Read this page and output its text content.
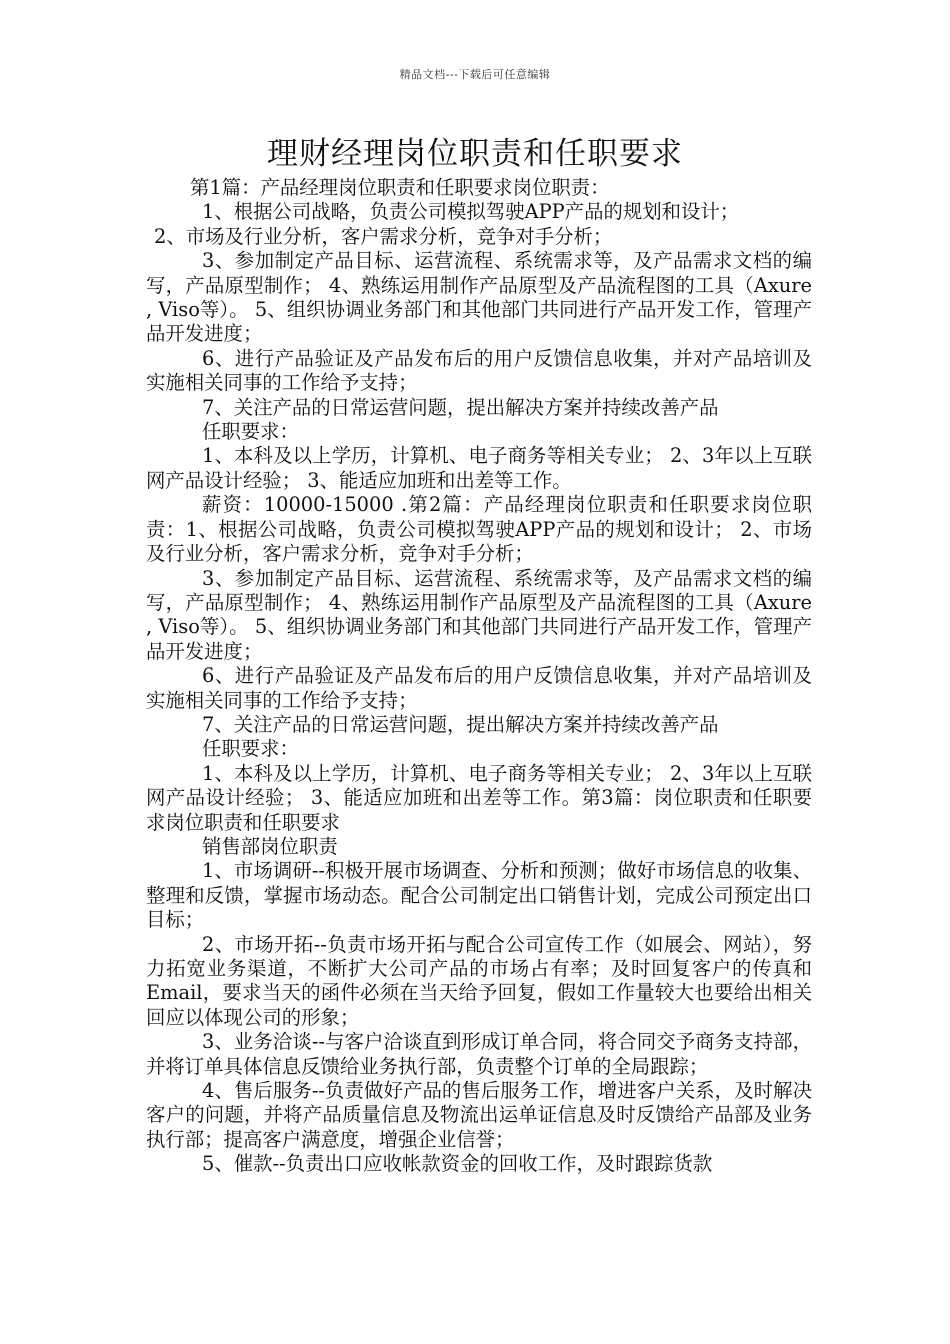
精品文档---下载后可任意编辑
理财经理岗位职责和任职要求

第1篇：产品经理岗位职责和任职要求岗位职责：

1、根据公司战略，负责公司模拟驾驶APP产品的规划和设计；

2、市场及行业分析，客户需求分析，竞争对手分析；

3、参加制定产品目标、运营流程、系统需求等，及产品需求文档的编写，产品原型制作； 4、熟练运用制作产品原型及产品流程图的工具（Axure , Viso等）。 5、组织协调业务部门和其他部门共同进行产品开发工作，管理产品开发进度；

6、进行产品验证及产品发布后的用户反馈信息收集，并对产品培训及实施相关同事的工作给予支持；

7、关注产品的日常运营问题，提出解决方案并持续改善产品

任职要求：

1、本科及以上学历，计算机、电子商务等相关专业； 2、3年以上互联网产品设计经验； 3、能适应加班和出差等工作。

薪资：10000-15000 .第2篇：产品经理岗位职责和任职要求岗位职责：1、根据公司战略，负责公司模拟驾驶APP产品的规划和设计； 2、市场及行业分析，客户需求分析，竞争对手分析；

3、参加制定产品目标、运营流程、系统需求等，及产品需求文档的编写，产品原型制作； 4、熟练运用制作产品原型及产品流程图的工具（Axure , Viso等）。 5、组织协调业务部门和其他部门共同进行产品开发工作，管理产品开发进度；

6、进行产品验证及产品发布后的用户反馈信息收集，并对产品培训及实施相关同事的工作给予支持；

7、关注产品的日常运营问题，提出解决方案并持续改善产品

任职要求：

1、本科及以上学历，计算机、电子商务等相关专业； 2、3年以上互联网产品设计经验； 3、能适应加班和出差等工作。第3篇：岗位职责和任职要求岗位职责和任职要求

销售部岗位职责

1、市场调研--积极开展市场调查、分析和预测；做好市场信息的收集、整理和反馈，掌握市场动态。配合公司制定出口销售计划，完成公司预定出口目标；

2、市场开拓--负责市场开拓与配合公司宣传工作（如展会、网站），努力拓宽业务渠道，不断扩大公司产品的市场占有率；及时回复客户的传真和Email，要求当天的函件必须在当天给予回复，假如工作量较大也要给出相关回应以体现公司的形象；

3、业务洽谈--与客户洽谈直到形成订单合同，将合同交予商务支持部，并将订单具体信息反馈给业务执行部，负责整个订单的全局跟踪；

4、售后服务--负责做好产品的售后服务工作，增进客户关系，及时解决客户的问题，并将产品质量信息及物流出运单证信息及时反馈给产品部及业务执行部；提高客户满意度，增强企业信誉；

5、催款--负责出口应收帐款资金的回收工作，及时跟踪货款
